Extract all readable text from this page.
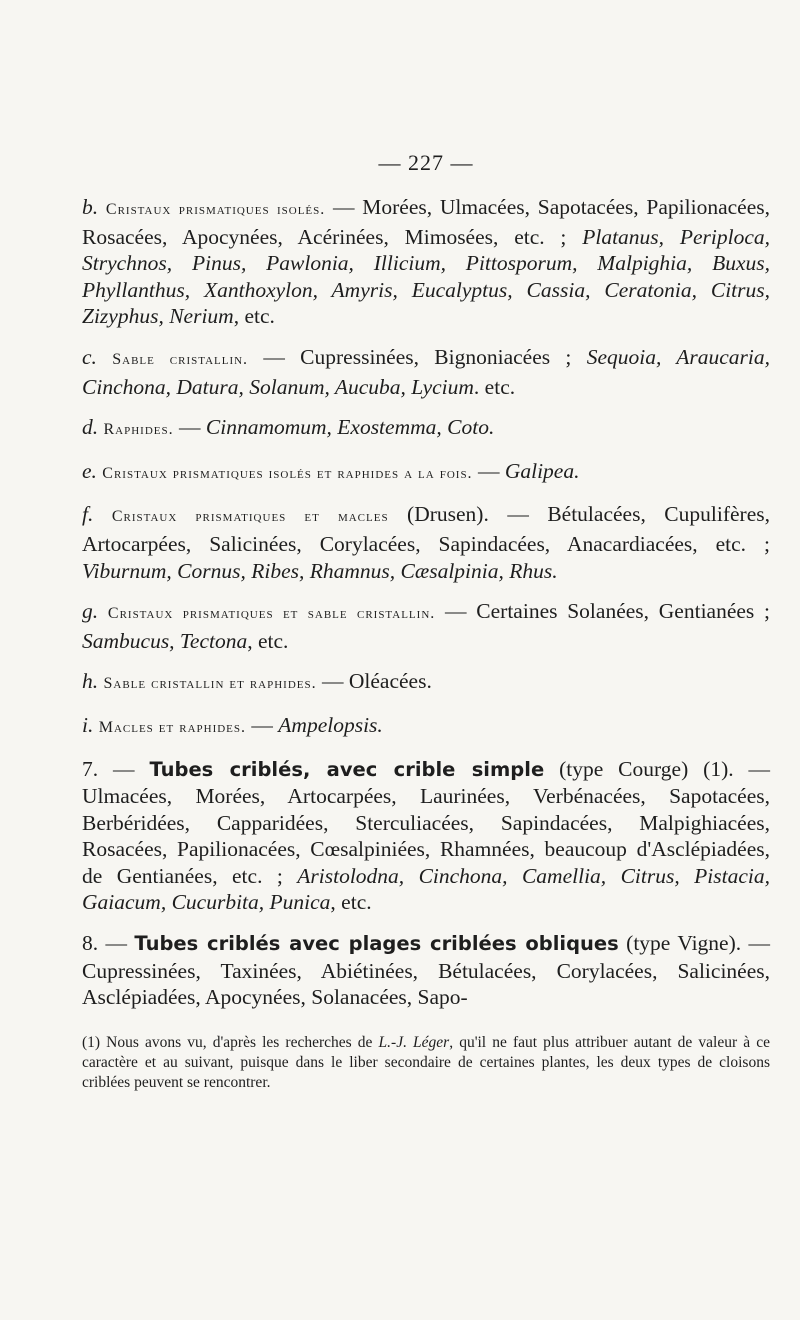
— 227 —

b. Cristaux prismatiques isolés. — Morées, Ulmacées, Sapotacées, Papilionacées, Rosacées, Apocynées, Acérinées, Mimosées, etc. ; Platanus, Periploca, Strychnos, Pinus, Pawlonia, Illicium, Pittosporum, Malpighia, Buxus, Phyllanthus, Xanthoxylon, Amyris, Eucalyptus, Cassia, Ceratonia, Citrus, Zizyphus, Nerium, etc.

c. Sable cristallin. — Cupressinées, Bignoniacées ; Sequoia, Araucaria, Cinchona, Datura, Solanum, Aucuba, Lycium. etc.

d. Raphides. — Cinnamomum, Exostemma, Coto.

e. Cristaux prismatiques isolés et raphides a la fois. — Galipea.

f. Cristaux prismatiques et macles (Drusen). — Bétulacées, Cupulifères, Artocarpées, Salicinées, Corylacées, Sapindacées, Anacardiacées, etc. ; Viburnum, Cornus, Ribes, Rhamnus, Cæsalpinia, Rhus.

g. Cristaux prismatiques et sable cristallin. — Certaines Solanées, Gentianées ; Sambucus, Tectona, etc.

h. Sable cristallin et raphides. — Oléacées.

i. Macles et raphides. — Ampelopsis.

7. — Tubes criblés, avec crible simple (type Courge) (1). — Ulmacées, Morées, Artocarpées, Laurinées, Verbénacées, Sapotacées, Berbéridées, Capparidées, Sterculiacées, Sapindacées, Malpighiacées, Rosacées, Papilionacées, Cœsalpiniées, Rhamnées, beaucoup d'Asclépiadées, de Gentianées, etc. ; Aristolodna, Cinchona, Camellia, Citrus, Pistacia, Gaiacum, Cucurbita, Punica, etc.

8. — Tubes criblés avec plages criblées obliques (type Vigne). — Cupressinées, Taxinées, Abiétinées, Bétulacées, Corylacées, Salicinées, Asclépiadées, Apocynées, Solanacées, Sapo-

(1) Nous avons vu, d'après les recherches de L.-J. Léger, qu'il ne faut plus attribuer autant de valeur à ce caractère et au suivant, puisque dans le liber secondaire de certaines plantes, les deux types de cloisons criblées peuvent se rencontrer.
